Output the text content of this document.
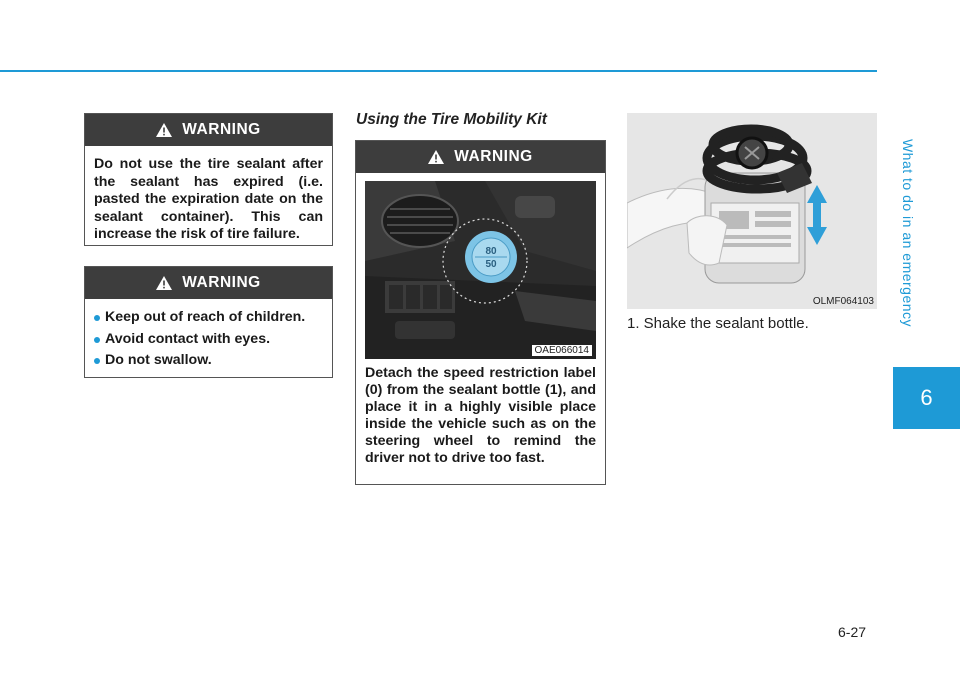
What to do in an emergency
6
WARNING
Do not use the tire sealant after the sealant has expired (i.e. pasted the expiration date on the sealant container). This can increase the risk of tire failure.
WARNING
Keep out of reach of children.
Avoid contact with eyes.
Do not swallow.
Using the Tire Mobility Kit
WARNING
80
50
OAE066014
Detach the speed restriction label (0) from the sealant bottle (1), and place it in a highly visible place inside the vehicle such as on the steering wheel to remind the driver not to drive too fast.
OLMF064103
1. Shake the sealant bottle.
6-27
